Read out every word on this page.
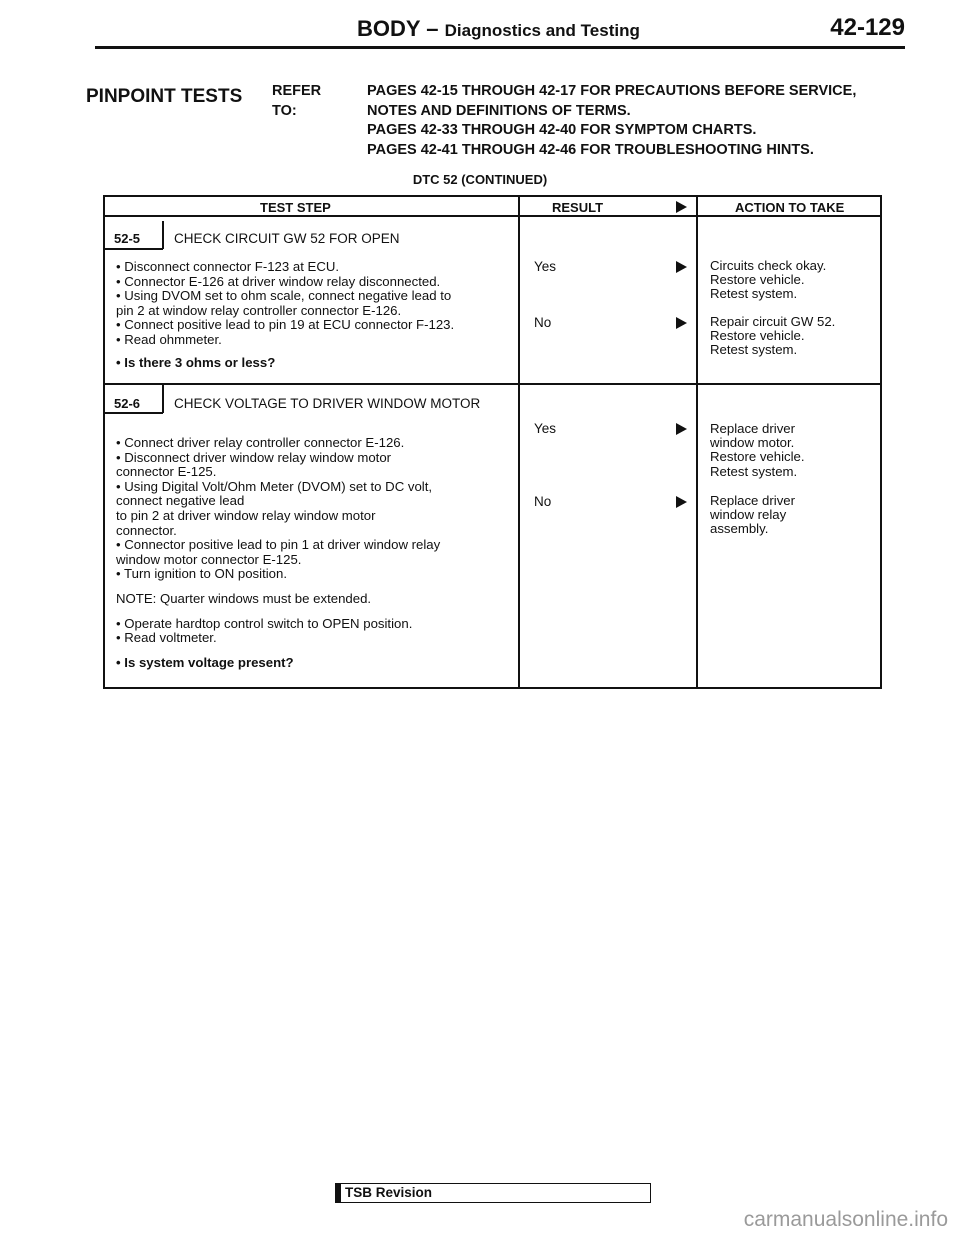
BODY – Diagnostics and Testing	42-129
PINPOINT TESTS REFER TO:
PAGES 42-15 THROUGH 42-17 FOR PRECAUTIONS BEFORE SERVICE,
NOTES AND DEFINITIONS OF TERMS.
PAGES 42-33 THROUGH 42-40 FOR SYMPTOM CHARTS.
PAGES 42-41 THROUGH 42-46 FOR TROUBLESHOOTING HINTS.
DTC 52 (CONTINUED)
TEST STEP	RESULT	ACTION TO TAKE
52-5	CHECK CIRCUIT GW 52 FOR OPEN
• Disconnect connector F-123 at ECU.
• Connector E-126 at driver window relay disconnected.
• Using DVOM set to ohm scale, connect negative lead to
pin 2 at window relay controller connector E-126.
• Connect positive lead to pin 19 at ECU connector F-123.
• Read ohmmeter.
• Is there 3 ohms or less?
Yes	Circuits check okay.
Restore vehicle.
Retest system.
No	Repair circuit GW 52.
Restore vehicle.
Retest system.
52-6	CHECK VOLTAGE TO DRIVER WINDOW MOTOR
• Connect driver relay controller connector E-126.
• Disconnect driver window relay window motor
connector E-125.
• Using Digital Volt/Ohm Meter (DVOM) set to DC volt,
connect negative lead
to pin 2 at driver window relay window motor
connector.
• Connector positive lead to pin 1 at driver window relay
window motor connector E-125.
• Turn ignition to ON position.
NOTE: Quarter windows must be extended.
• Operate hardtop control switch to OPEN position.
• Read voltmeter.
• Is system voltage present?
Yes	Replace driver
window motor.
Restore vehicle.
Retest system.
No	Replace driver
window relay
assembly.
TSB Revision
carmanualsonline.info
